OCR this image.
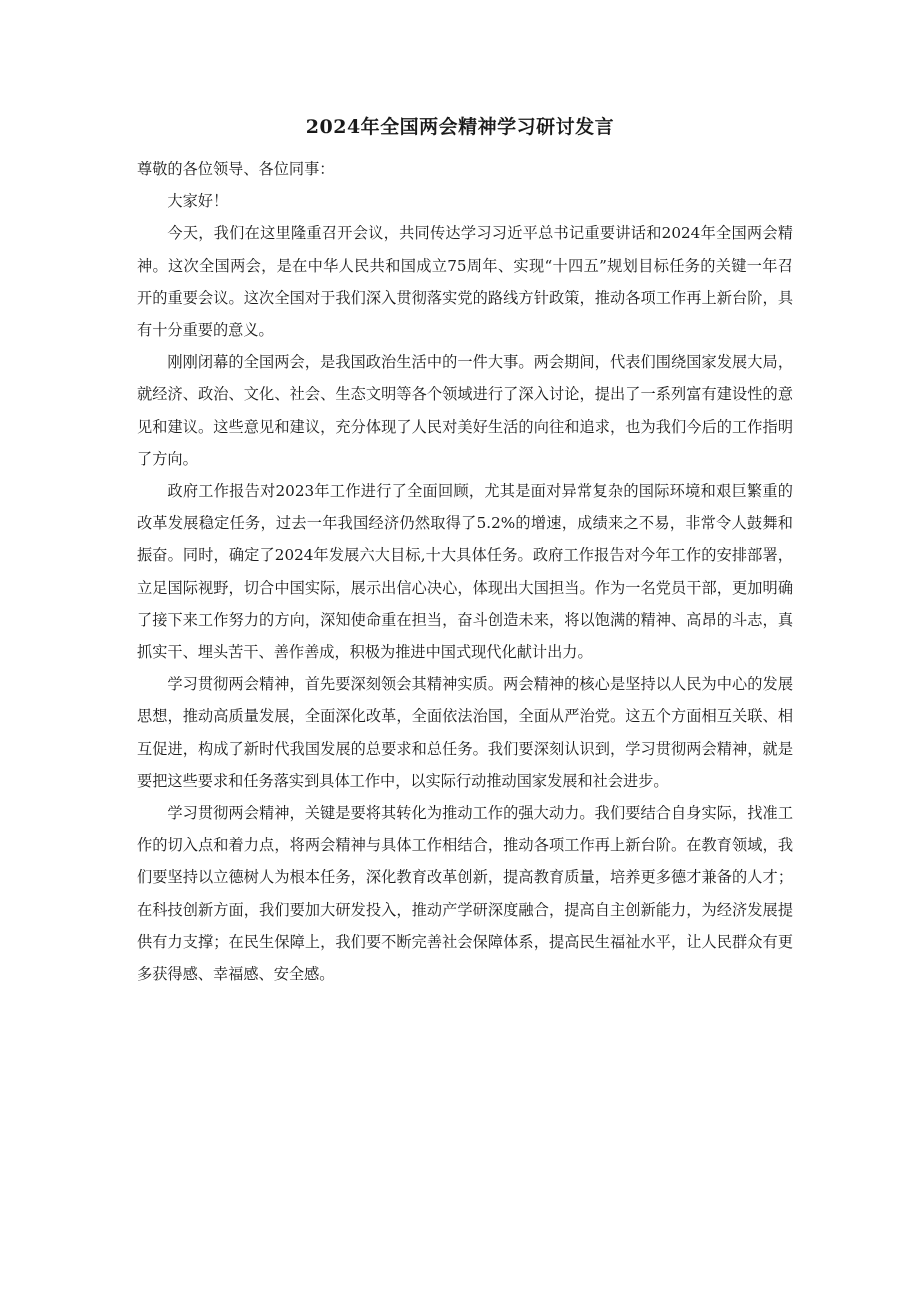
2024年全国两会精神学习研讨发言

尊敬的各位领导、各位同事：

大家好！

今天，我们在这里隆重召开会议，共同传达学习习近平总书记重要讲话和2024年全国两会精神。这次全国两会，是在中华人民共和国成立75周年、实现“十四五”规划目标任务的关键一年召开的重要会议。这次全国对于我们深入贯彻落实党的路线方针政策，推动各项工作再上新台阶，具有十分重要的意义。

刚刚闭幕的全国两会，是我国政治生活中的一件大事。两会期间，代表们围绕国家发展大局，就经济、政治、文化、社会、生态文明等各个领域进行了深入讨论，提出了一系列富有建设性的意见和建议。这些意见和建议，充分体现了人民对美好生活的向往和追求，也为我们今后的工作指明了方向。

政府工作报告对2023年工作进行了全面回顾，尤其是面对异常复杂的国际环境和艰巨繁重的改革发展稳定任务，过去一年我国经济仍然取得了5.2%的增速，成绩来之不易，非常令人鼓舞和振奋。同时，确定了2024年发展六大目标,十大具体任务。政府工作报告对今年工作的安排部署，立足国际视野，切合中国实际，展示出信心决心，体现出大国担当。作为一名党员干部，更加明确了接下来工作努力的方向，深知使命重在担当，奋斗创造未来，将以饱满的精神、高昂的斗志，真抓实干、埋头苦干、善作善成，积极为推进中国式现代化献计出力。

学习贯彻两会精神，首先要深刻领会其精神实质。两会精神的核心是坚持以人民为中心的发展思想，推动高质量发展，全面深化改革，全面依法治国，全面从严治党。这五个方面相互关联、相互促进，构成了新时代我国发展的总要求和总任务。我们要深刻认识到，学习贯彻两会精神，就是要把这些要求和任务落实到具体工作中，以实际行动推动国家发展和社会进步。

学习贯彻两会精神，关键是要将其转化为推动工作的强大动力。我们要结合自身实际，找准工作的切入点和着力点，将两会精神与具体工作相结合，推动各项工作再上新台阶。在教育领域，我们要坚持以立德树人为根本任务，深化教育改革创新，提高教育质量，培养更多德才兼备的人才；在科技创新方面，我们要加大研发投入，推动产学研深度融合，提高自主创新能力，为经济发展提供有力支撑；在民生保障上，我们要不断完善社会保障体系，提高民生福祉水平，让人民群众有更多获得感、幸福感、安全感。
